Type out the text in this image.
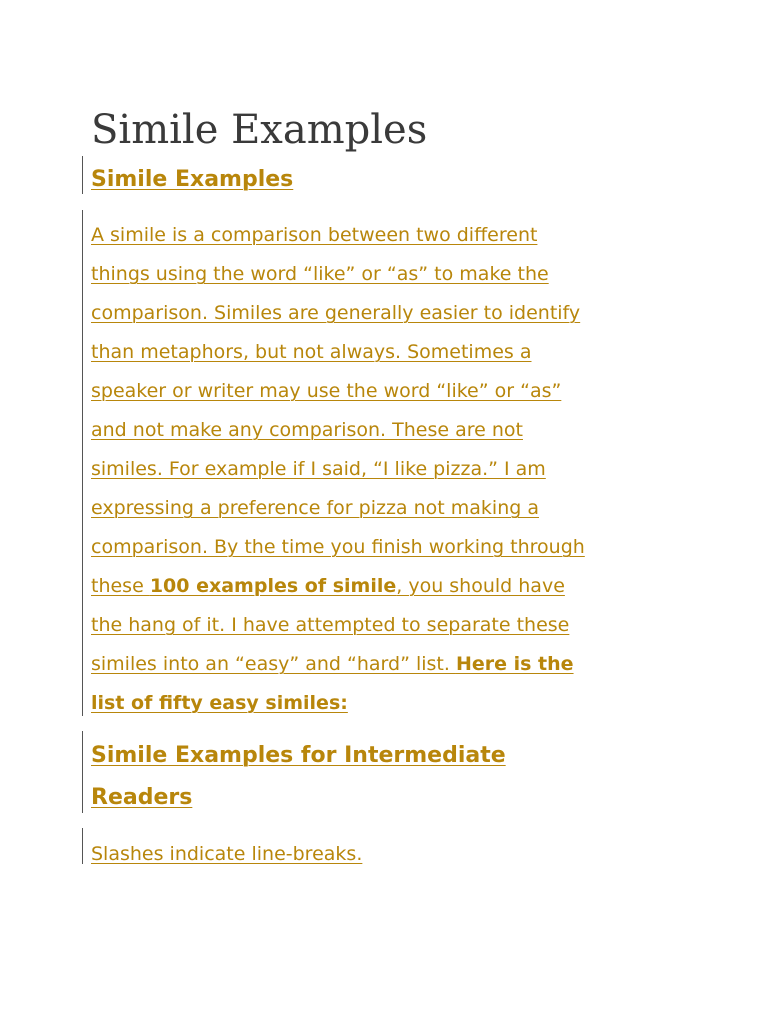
Simile Examples
Simile Examples
A simile is a comparison between two different
things using the word “like” or “as” to make the
comparison. Similes are generally easier to identify
than metaphors, but not always. Sometimes a
speaker or writer may use the word “like” or “as”
and not make any comparison. These are not
similes. For example if I said, “I like pizza.” I am
expressing a preference for pizza not making a
comparison. By the time you finish working through
these 100 examples of simile, you should have
the hang of it. I have attempted to separate these
similes into an “easy” and “hard” list. Here is the
list of fifty easy similes:
Simile Examples for Intermediate
Readers

Slashes indicate line-breaks.
